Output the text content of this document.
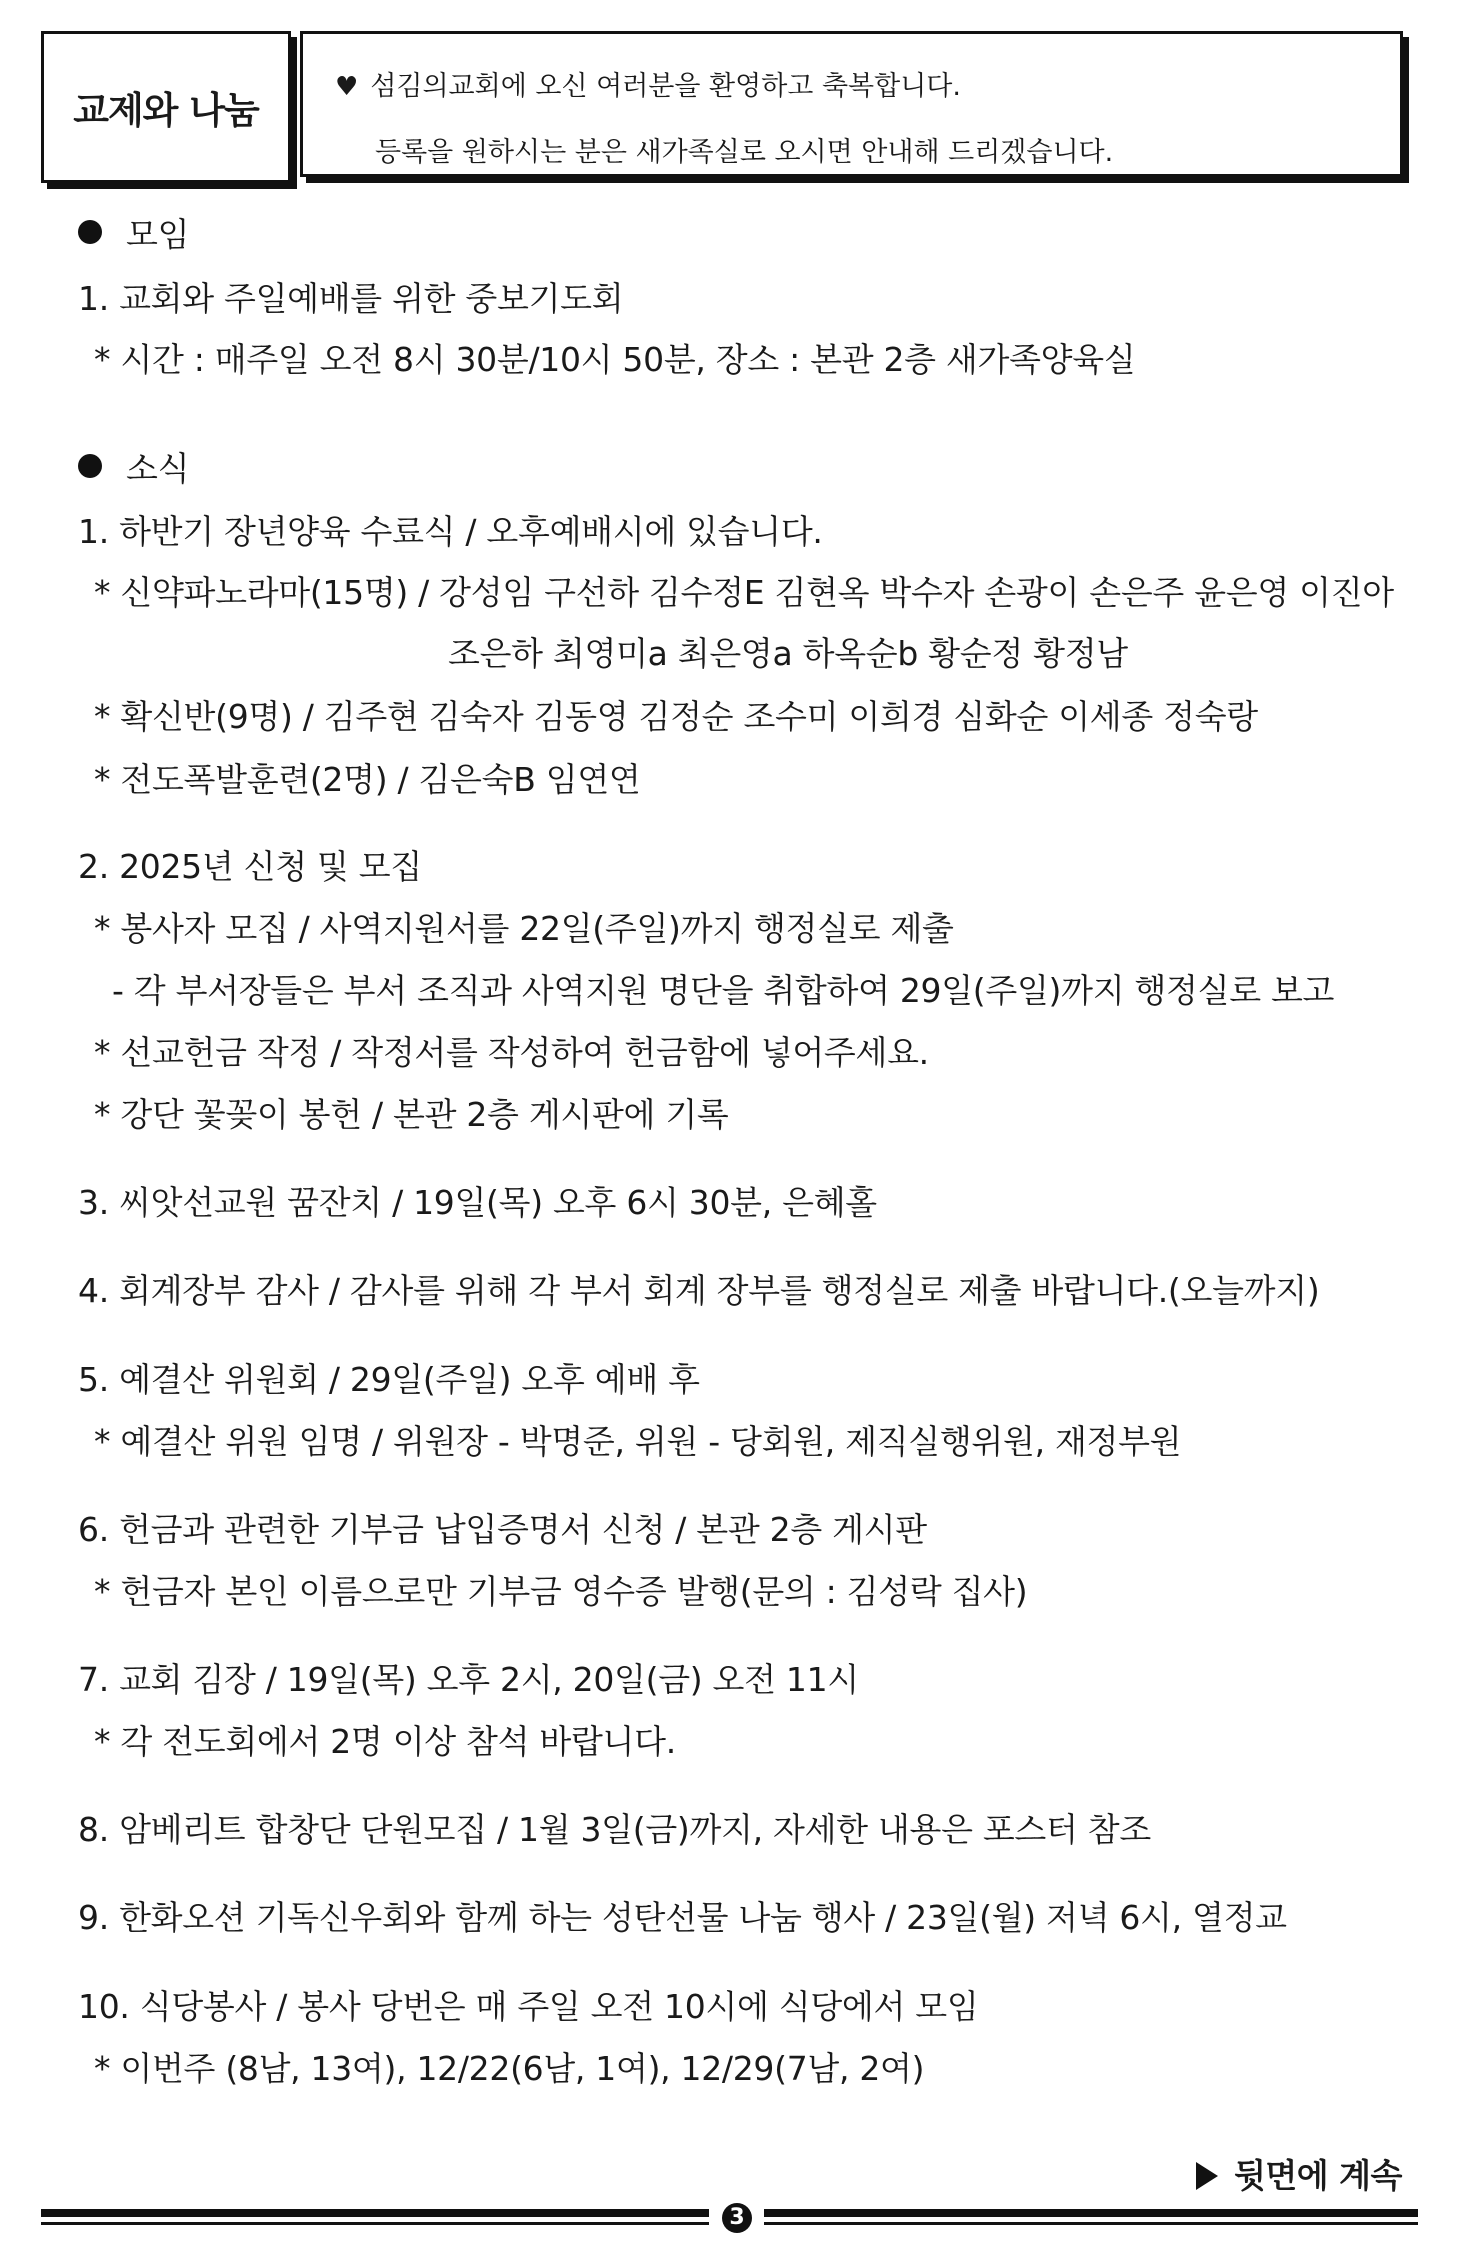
교제와 나눔
♥ 섬김의교회에 오신 여러분을 환영하고 축복합니다.
등록을 원하시는 분은 새가족실로 오시면 안내해 드리겠습니다.
모임
1. 교회와 주일예배를 위한 중보기도회
* 시간 : 매주일 오전 8시 30분/10시 50분, 장소 : 본관 2층 새가족양육실
소식
1. 하반기 장년양육 수료식 / 오후예배시에 있습니다.
* 신약파노라마(15명) / 강성임 구선하 김수정E 김현옥 박수자 손광이 손은주 윤은영 이진아
조은하 최영미a 최은영a 하옥순b 황순정 황정남
* 확신반(9명) / 김주현 김숙자 김동영 김정순 조수미 이희경 심화순 이세종 정숙랑
* 전도폭발훈련(2명) / 김은숙B 임연연
2. 2025년 신청 및 모집
* 봉사자 모집 / 사역지원서를 22일(주일)까지 행정실로 제출
- 각 부서장들은 부서 조직과 사역지원 명단을 취합하여 29일(주일)까지 행정실로 보고
* 선교헌금 작정 / 작정서를 작성하여 헌금함에 넣어주세요.
* 강단 꽃꽂이 봉헌 / 본관 2층 게시판에 기록
3. 씨앗선교원 꿈잔치 / 19일(목) 오후 6시 30분, 은혜홀
4. 회계장부 감사 / 감사를 위해 각 부서 회계 장부를 행정실로 제출 바랍니다.(오늘까지)
5. 예결산 위원회 / 29일(주일) 오후 예배 후
* 예결산 위원 임명 / 위원장 - 박명준, 위원 - 당회원, 제직실행위원, 재정부원
6. 헌금과 관련한 기부금 납입증명서 신청 / 본관 2층 게시판
* 헌금자 본인 이름으로만 기부금 영수증 발행(문의 : 김성락 집사)
7. 교회 김장 / 19일(목) 오후 2시, 20일(금) 오전 11시
* 각 전도회에서 2명 이상 참석 바랍니다.
8. 암베리트 합창단 단원모집 / 1월 3일(금)까지, 자세한 내용은 포스터 참조
9. 한화오션 기독신우회와 함께 하는 성탄선물 나눔 행사 / 23일(월) 저녁 6시, 열정교
10. 식당봉사 / 봉사 당번은 매 주일 오전 10시에 식당에서 모임
* 이번주 (8남, 13여), 12/22(6남, 1여), 12/29(7남, 2여)
뒷면에 계속
3
